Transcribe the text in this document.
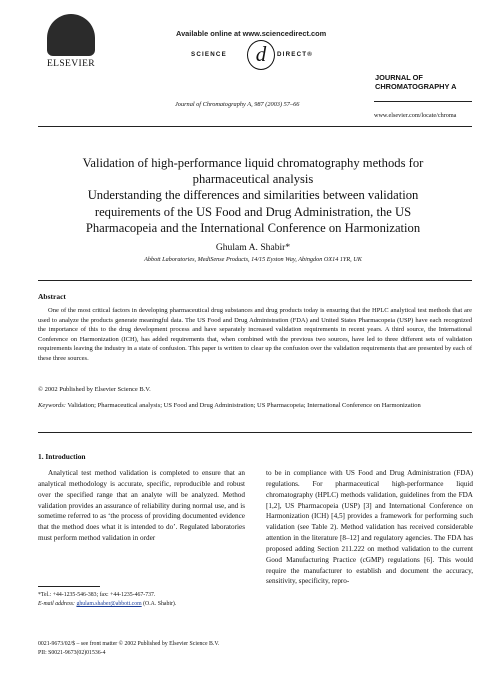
ELSEVIER
Available online at www.sciencedirect.com
SCIENCE	d	DIRECT®
Journal of Chromatography A, 987 (2003) 57–66
JOURNAL OF
CHROMATOGRAPHY A
www.elsevier.com/locate/chroma
Validation of high-performance liquid chromatography methods for
pharmaceutical analysis
Understanding the differences and similarities between validation
requirements of the US Food and Drug Administration, the US
Pharmacopeia and the International Conference on Harmonization
Ghulam A. Shabir*
Abbott Laboratories, MediSense Products, 14/15 Eyston Way, Abingdon OX14 1YR, UK
Abstract
One of the most critical factors in developing pharmaceutical drug substances and drug products today is ensuring that the HPLC analytical test methods that are used to analyze the products generate meaningful data. The US Food and Drug Administration (FDA) and United States Pharmacopeia (USP) have each recognized the importance of this to the drug development process and have separately increased validation requirements in recent years. A third source, the International Conference on Harmonization (ICH), has added requirements that, when combined with the previous two sources, have led to three different sets of validation requirements leaving the industry in a state of confusion. This paper is written to clear up the confusion over the validation requirements that are presented by each of these three sources.
© 2002 Published by Elsevier Science B.V.
Keywords: Validation; Pharmaceutical analysis; US Food and Drug Administration; US Pharmacopeia; International Conference on Harmonization
1. Introduction
Analytical test method validation is completed to ensure that an analytical methodology is accurate, specific, reproducible and robust over the specified range that an analyte will be analyzed. Method validation provides an assurance of reliability during normal use, and is sometime referred to as ‘the process of providing documented evidence that the method does what it is intended to do’. Regulated laboratories must perform method validation in order
to be in compliance with US Food and Drug Administration (FDA) regulations. For pharmaceutical high-performance liquid chromatography (HPLC) methods validation, guidelines from the FDA [1,2], US Pharmacopeia (USP) [3] and International Conference on Harmonization (ICH) [4,5] provides a framework for performing such validation (see Table 2). Method validation has received considerable attention in the literature [8–12] and regulatory agencies. The FDA has proposed adding Section 211.222 on method validation to the current Good Manufacturing Practice (cGMP) regulations [6]. This would require the manufacturer to establish and document the accuracy, sensitivity, specificity, repro-
*Tel.: +44-1235-546-383; fax: +44-1235-467-737.
E-mail address: ghulam.shaber@abbott.com (O.A. Shabir).
0021-9673/02/$ – see front matter © 2002 Published by Elsevier Science B.V.
PII: S0021-9673(02)01536-4
